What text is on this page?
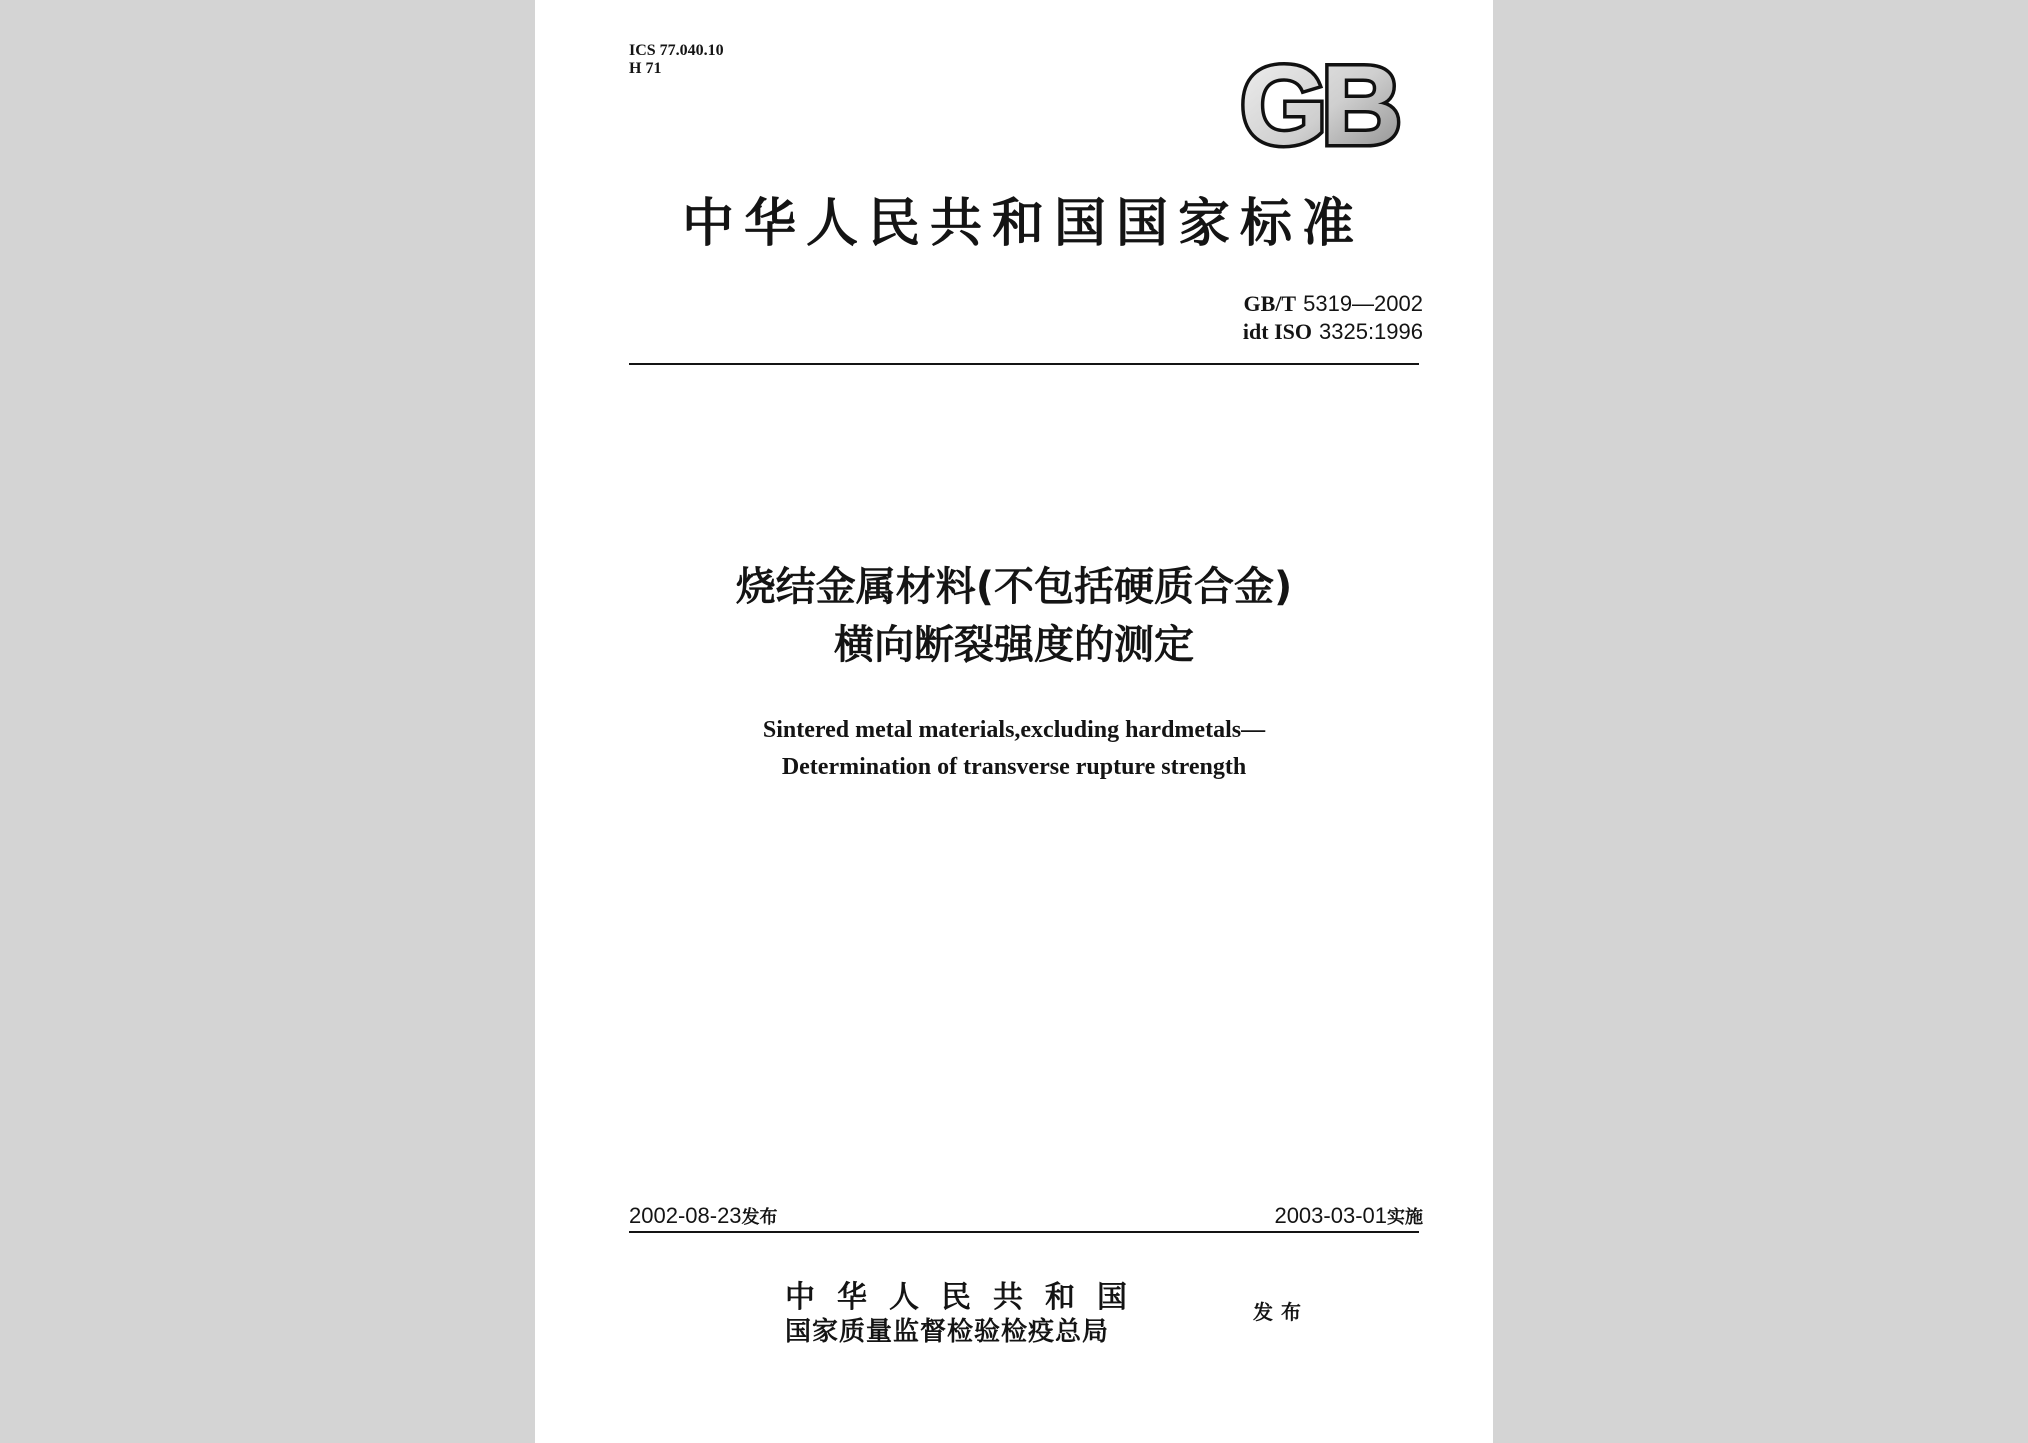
ICS 77.040.10
H 71	GB
中华人民共和国国家标准
GB/T 5319—2002
idt ISO 3325:1996
烧结金属材料(不包括硬质合金)
横向断裂强度的测定
Sintered metal materials,excluding hardmetals—
Determination of transverse rupture strength
2002-08-23发布	2003-03-01实施
中华人民共和国
国家质量监督检验检疫总局
发布
